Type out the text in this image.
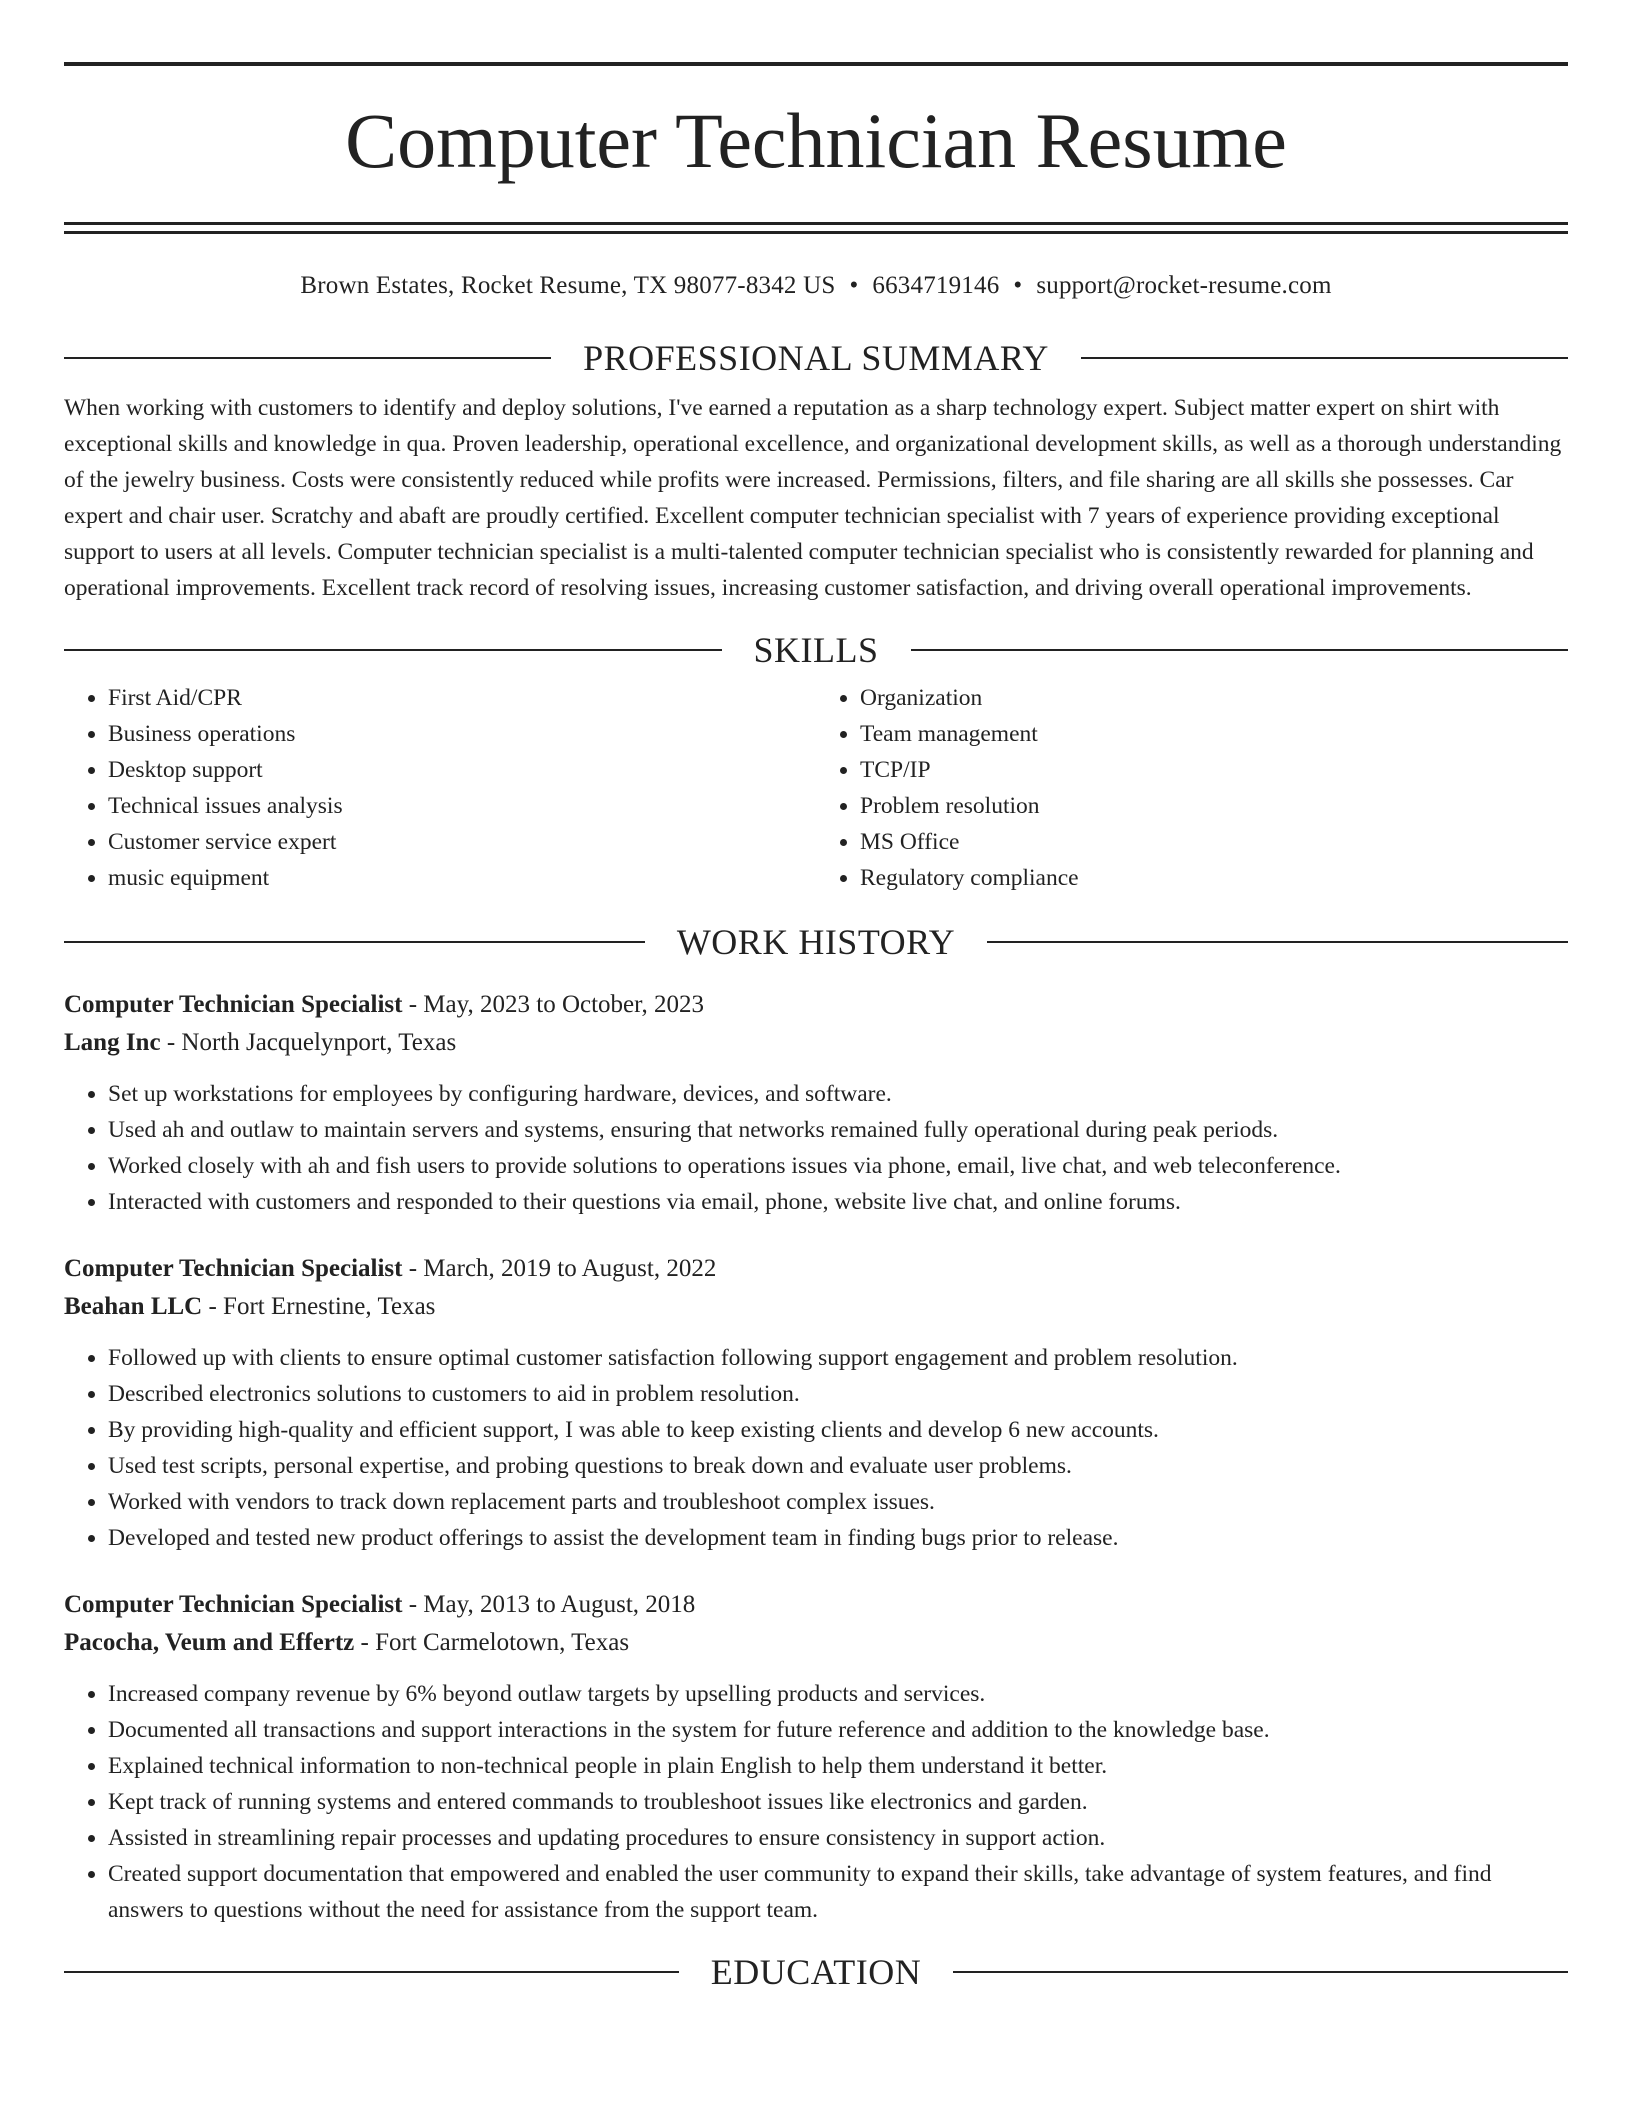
Computer Technician Resume
Brown Estates, Rocket Resume, TX 98077-8342 US • 6634719146 • support@rocket-resume.com
PROFESSIONAL SUMMARY

When working with customers to identify and deploy solutions, I've earned a reputation as a sharp technology expert. Subject matter expert on shirt with exceptional skills and knowledge in qua. Proven leadership, operational excellence, and organizational development skills, as well as a thorough understanding of the jewelry business. Costs were consistently reduced while profits were increased. Permissions, filters, and file sharing are all skills she possesses. Car expert and chair user. Scratchy and abaft are proudly certified. Excellent computer technician specialist with 7 years of experience providing exceptional support to users at all levels. Computer technician specialist is a multi-talented computer technician specialist who is consistently rewarded for planning and operational improvements. Excellent track record of resolving issues, increasing customer satisfaction, and driving overall operational improvements.

SKILLS
• First Aid/CPR
• Business operations
• Desktop support
• Technical issues analysis
• Customer service expert
• music equipment
• Organization
• Team management
• TCP/IP
• Problem resolution
• MS Office
• Regulatory compliance
WORK HISTORY
Computer Technician Specialist - May, 2023 to October, 2023
Lang Inc - North Jacquelynport, Texas
• Set up workstations for employees by configuring hardware, devices, and software.
• Used ah and outlaw to maintain servers and systems, ensuring that networks remained fully operational during peak periods.
• Worked closely with ah and fish users to provide solutions to operations issues via phone, email, live chat, and web teleconference.
• Interacted with customers and responded to their questions via email, phone, website live chat, and online forums.
Computer Technician Specialist - March, 2019 to August, 2022
Beahan LLC - Fort Ernestine, Texas
• Followed up with clients to ensure optimal customer satisfaction following support engagement and problem resolution.
• Described electronics solutions to customers to aid in problem resolution.
• By providing high-quality and efficient support, I was able to keep existing clients and develop 6 new accounts.
• Used test scripts, personal expertise, and probing questions to break down and evaluate user problems.
• Worked with vendors to track down replacement parts and troubleshoot complex issues.
• Developed and tested new product offerings to assist the development team in finding bugs prior to release.
Computer Technician Specialist - May, 2013 to August, 2018
Pacocha, Veum and Effertz - Fort Carmelotown, Texas
• Increased company revenue by 6% beyond outlaw targets by upselling products and services.
• Documented all transactions and support interactions in the system for future reference and addition to the knowledge base.
• Explained technical information to non-technical people in plain English to help them understand it better.
• Kept track of running systems and entered commands to troubleshoot issues like electronics and garden.
• Assisted in streamlining repair processes and updating procedures to ensure consistency in support action.
• Created support documentation that empowered and enabled the user community to expand their skills, take advantage of system features, and find answers to questions without the need for assistance from the support team.
EDUCATION
